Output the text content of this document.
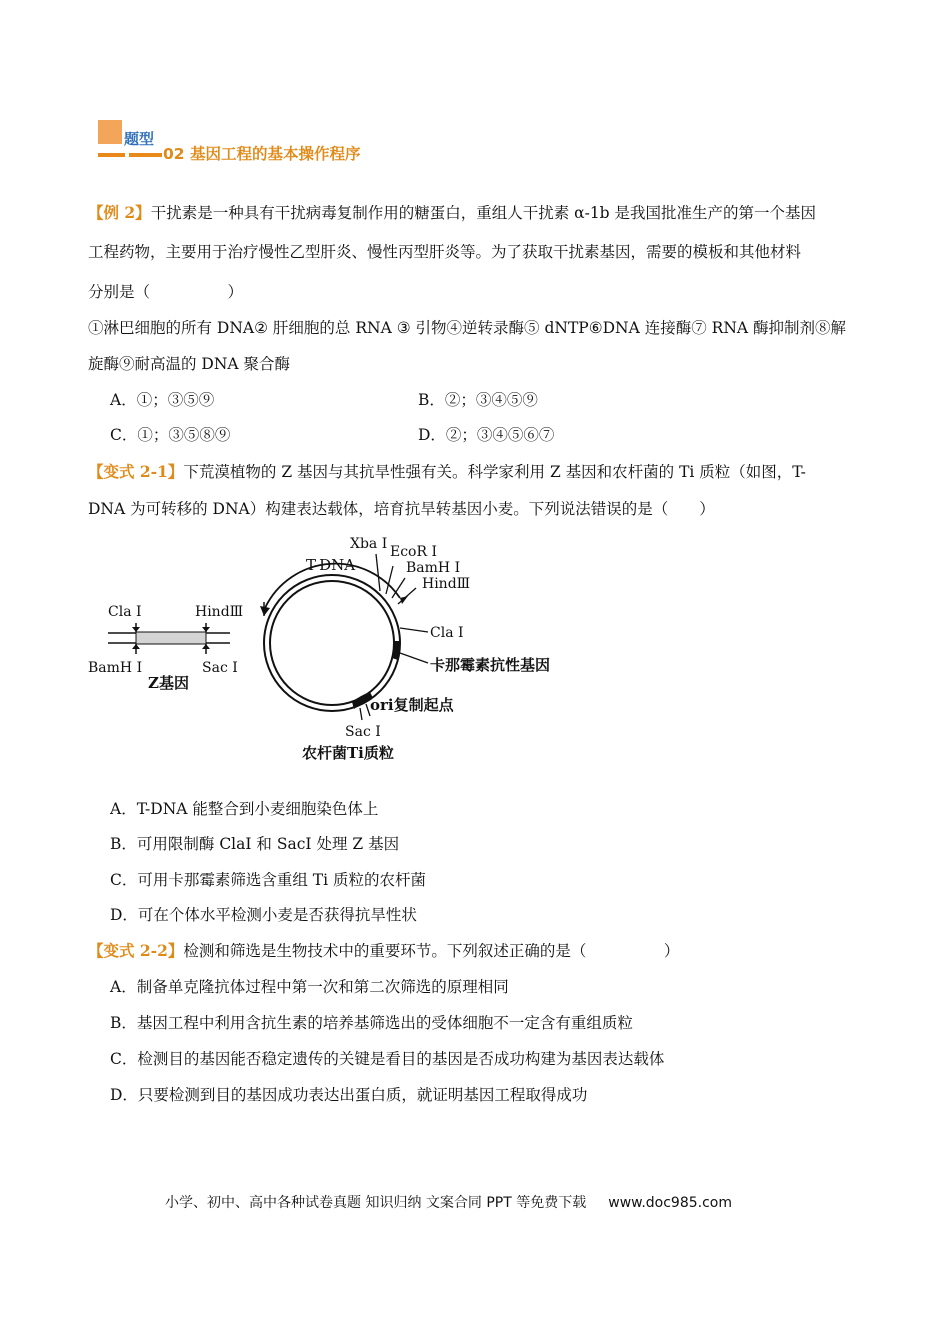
题型
02 基因工程的基本操作程序
【例 2】干扰素是一种具有干扰病毒复制作用的糖蛋白，重组人干扰素 α-1b 是我国批准生产的第一个基因
工程药物，主要用于治疗慢性乙型肝炎、慢性丙型肝炎等。为了获取干扰素基因，需要的模板和其他材料
分别是（　　　　　）
①淋巴细胞的所有 DNA② 肝细胞的总 RNA ③ 引物④逆转录酶⑤ dNTP⑥DNA 连接酶⑦ RNA 酶抑制剂⑧解
旋酶⑨耐高温的 DNA 聚合酶
A．①；③⑤⑨	B．②；③④⑤⑨
C．①；③⑤⑧⑨	D．②；③④⑤⑥⑦
【变式 2-1】下荒漠植物的 Z 基因与其抗旱性强有关。科学家利用 Z 基因和农杆菌的 Ti 质粒（如图，T-
DNA 为可转移的 DNA）构建表达载体，培育抗旱转基因小麦。下列说法错误的是（　　）
Cla Ⅰ	HindⅢ
BamH Ⅰ	Sac Ⅰ
Z基因
T-DNA
Xba Ⅰ EcoR Ⅰ
BamH Ⅰ
HindⅢ
Cla Ⅰ
卡那霉素抗性基因
ori复制起点
Sac Ⅰ
农杆菌Ti质粒
A．T-DNA 能整合到小麦细胞染色体上
B．可用限制酶 ClaI 和 SacI 处理 Z 基因
C．可用卡那霉素筛选含重组 Ti 质粒的农杆菌
D．可在个体水平检测小麦是否获得抗旱性状
【变式 2-2】检测和筛选是生物技术中的重要环节。下列叙述正确的是（　　　　　）
A．制备单克隆抗体过程中第一次和第二次筛选的原理相同
B．基因工程中利用含抗生素的培养基筛选出的受体细胞不一定含有重组质粒
C．检测目的基因能否稳定遗传的关键是看目的基因是否成功构建为基因表达载体
D．只要检测到目的基因成功表达出蛋白质，就证明基因工程取得成功
小学、初中、高中各种试卷真题 知识归纳 文案合同 PPT 等免费下载 www.doc985.com
